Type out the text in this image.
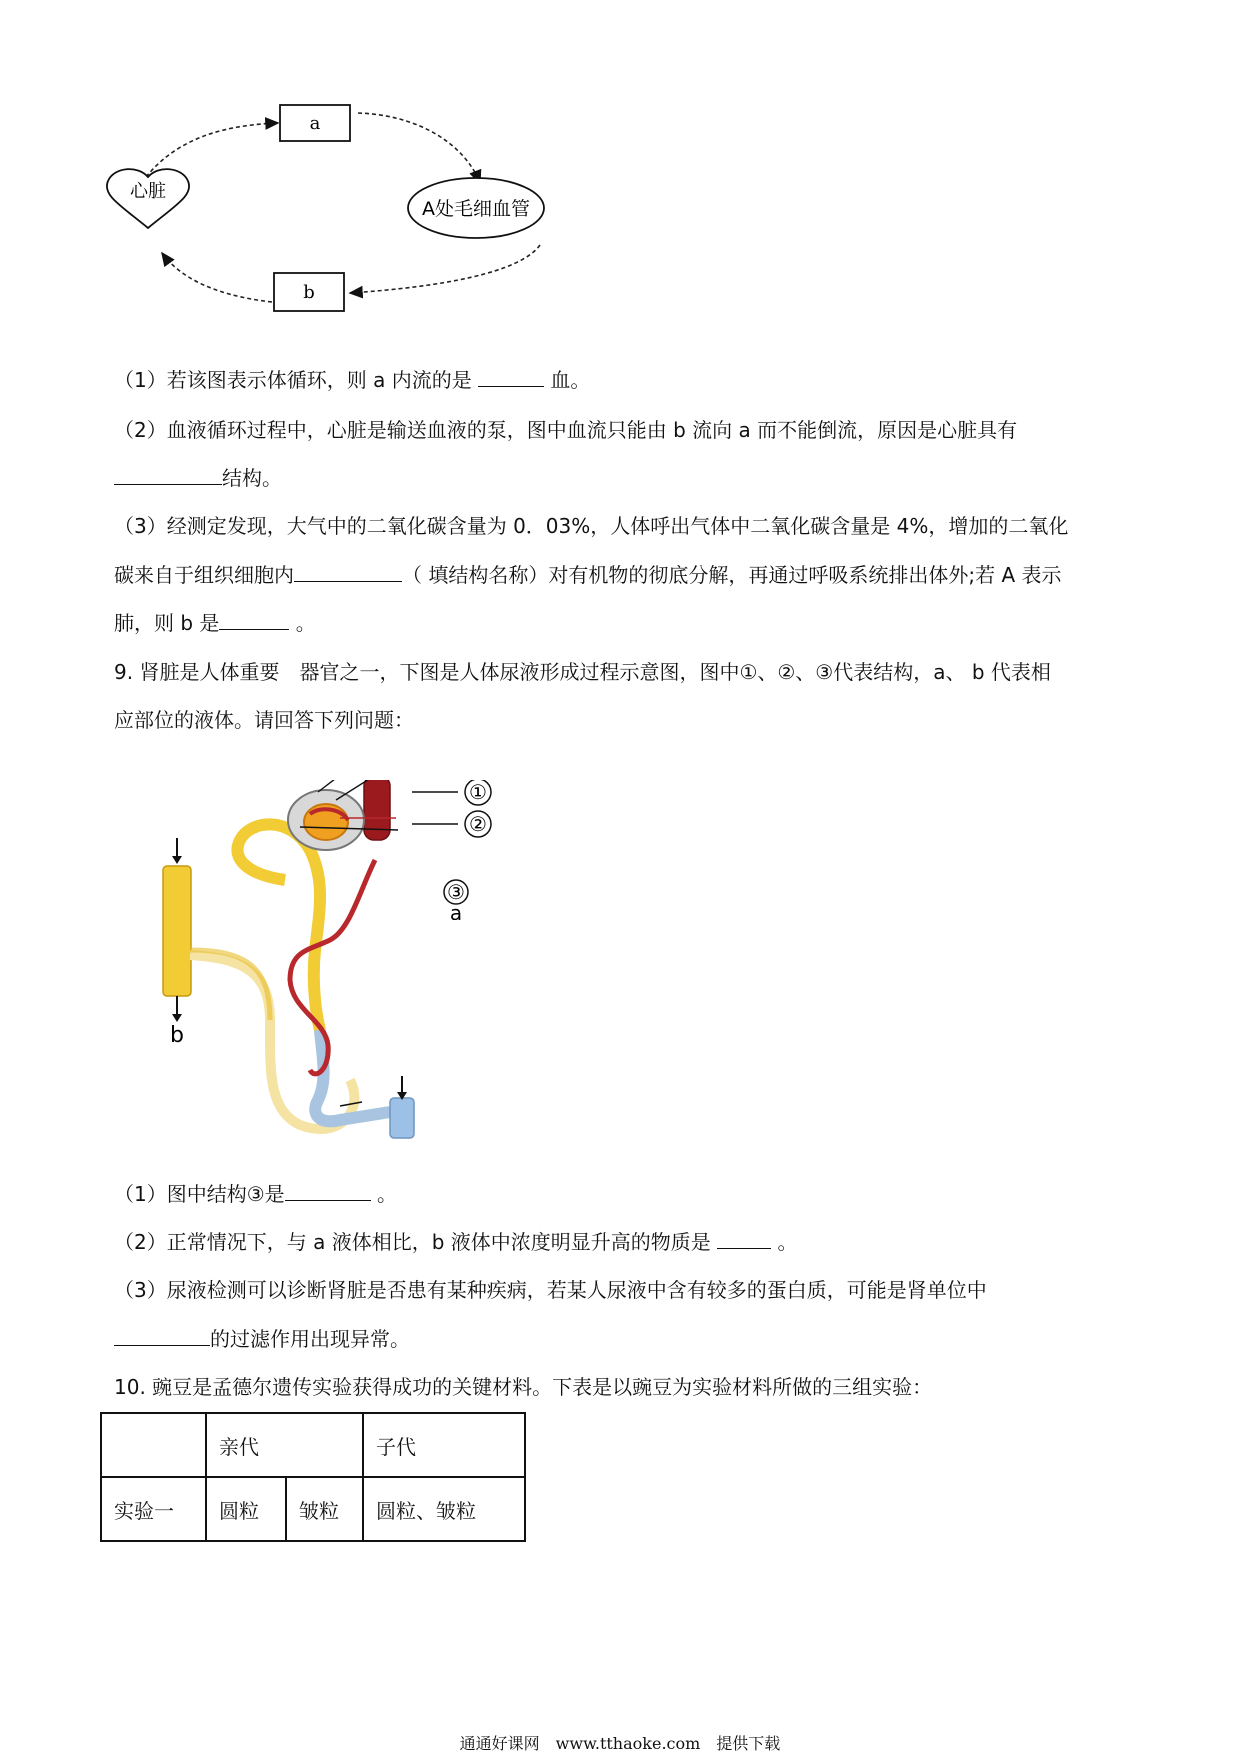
a
心脏
A处毛细血管
b
（1）若该图表示体循环，则 a 内流的是	血。
（2）血液循环过程中，心脏是输送血液的泵，图中血流只能由 b 流向 a 而不能倒流，原因是心脏具有
结构。
（3）经测定发现，大气中的二氧化碳含量为 0．03%，人体呼出气体中二氧化碳含量是 4%，增加的二氧化
碳来自于组织细胞内	（ 填结构名称）对有机物的彻底分解，再通过呼吸系统排出体外;若 A 表示
肺，则 b 是	。
9. 肾脏是人体重要　器官之一，下图是人体尿液形成过程示意图，图中①、②、③代表结构，a、 b 代表相
应部位的液体。请回答下列问题：
b
①
②
③
a
（1）图中结构③是	。
（2）正常情况下，与 a 液体相比，b 液体中浓度明显升高的物质是	。
（3）尿液检测可以诊断肾脏是否患有某种疾病，若某人尿液中含有较多的蛋白质，可能是肾单位中
的过滤作用出现异常。
10. 豌豆是孟德尔遗传实验获得成功的关键材料。下表是以豌豆为实验材料所做的三组实验：
	亲代		子代
实验一	圆粒	皱粒	圆粒、皱粒
通通好课网　www.tthaoke.com　提供下载
